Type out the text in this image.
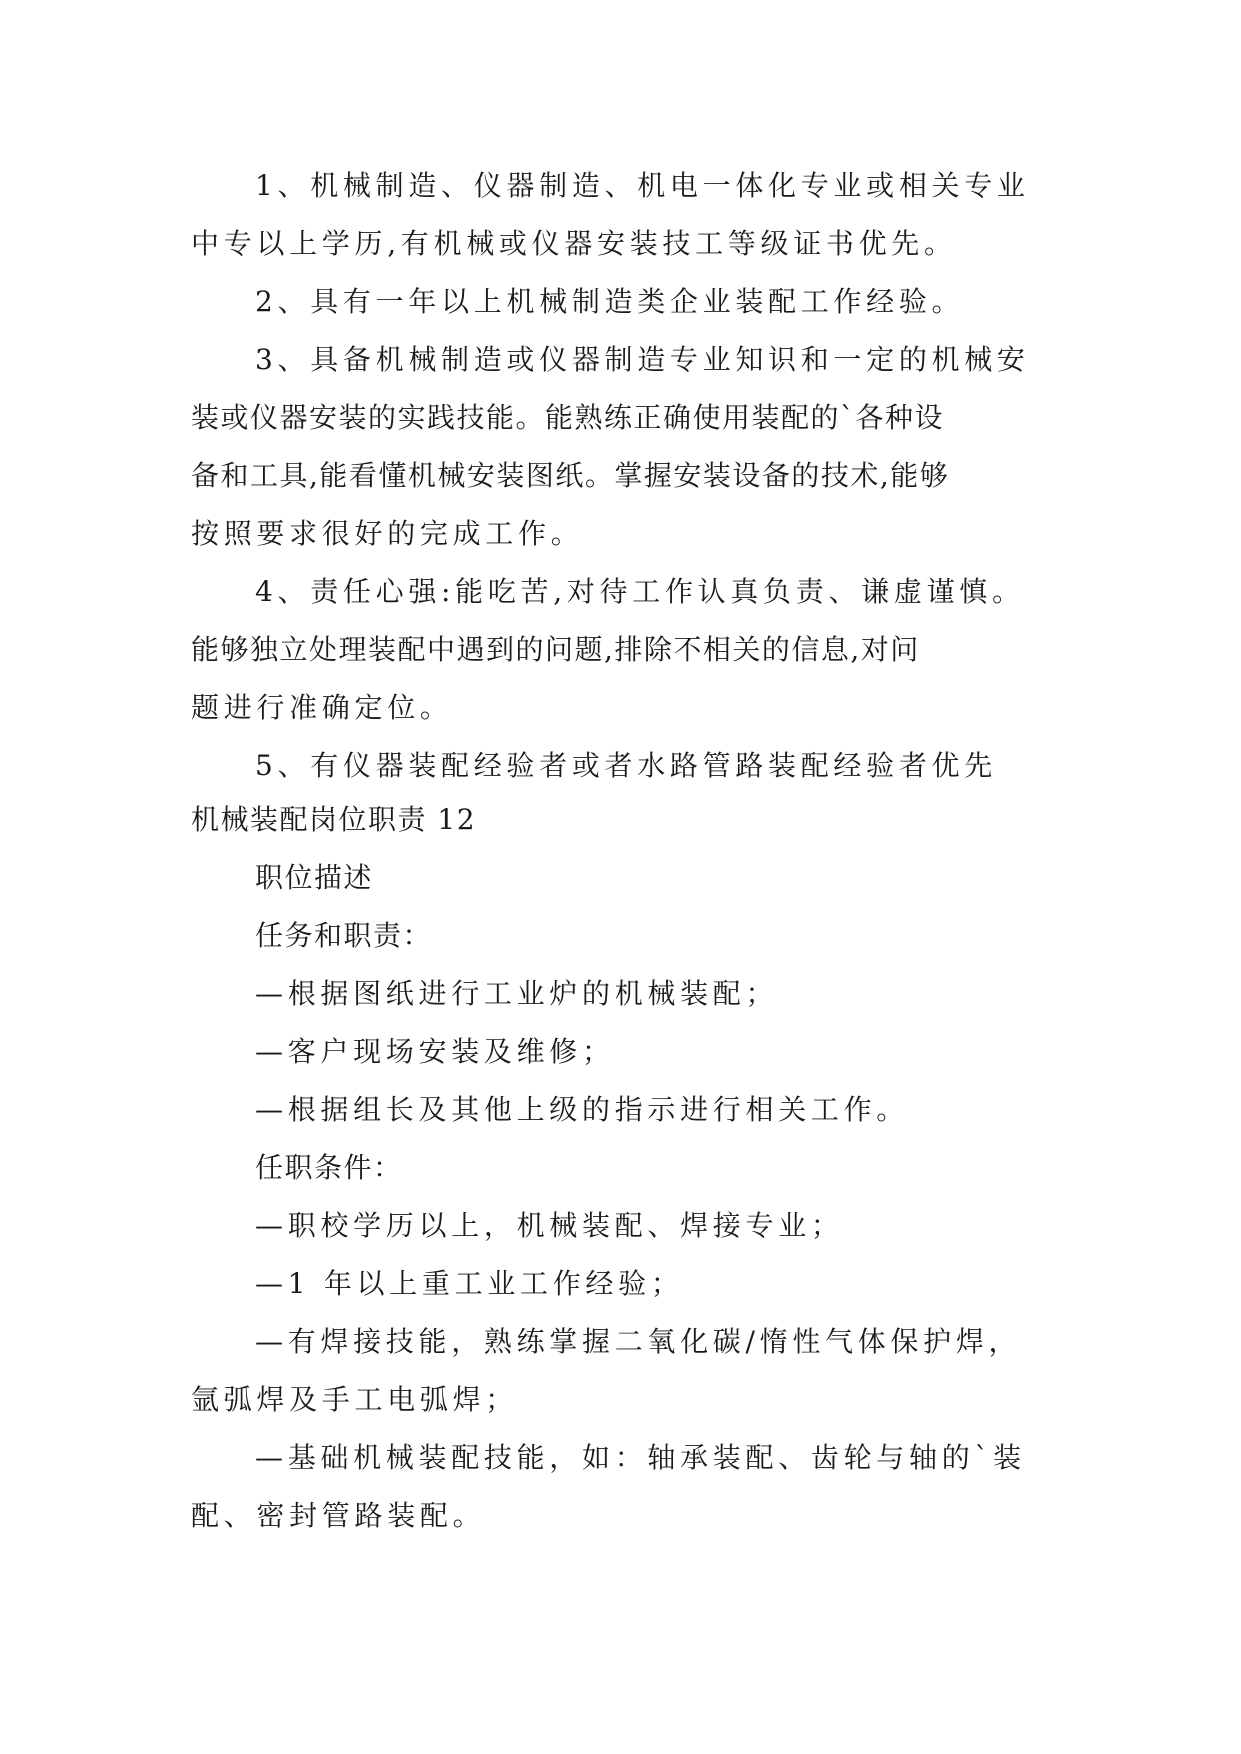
1、机械制造、仪器制造、机电一体化专业或相关专业
中专以上学历,有机械或仪器安装技工等级证书优先。
2、具有一年以上机械制造类企业装配工作经验。
3、具备机械制造或仪器制造专业知识和一定的机械安
装或仪器安装的实践技能。能熟练正确使用装配的`各种设
备和工具,能看懂机械安装图纸。掌握安装设备的技术,能够
按照要求很好的完成工作。
4、责任心强:能吃苦,对待工作认真负责、谦虚谨慎。
能够独立处理装配中遇到的问题,排除不相关的信息,对问
题进行准确定位。
5、有仪器装配经验者或者水路管路装配经验者优先
机械装配岗位职责 12
职位描述
任务和职责：
—根据图纸进行工业炉的机械装配；
—客户现场安装及维修；
—根据组长及其他上级的指示进行相关工作。
任职条件：
—职校学历以上，机械装配、焊接专业；
—1 年以上重工业工作经验；
—有焊接技能，熟练掌握二氧化碳/惰性气体保护焊，
氩弧焊及手工电弧焊；
—基础机械装配技能，如：轴承装配、齿轮与轴的`装
配、密封管路装配。
